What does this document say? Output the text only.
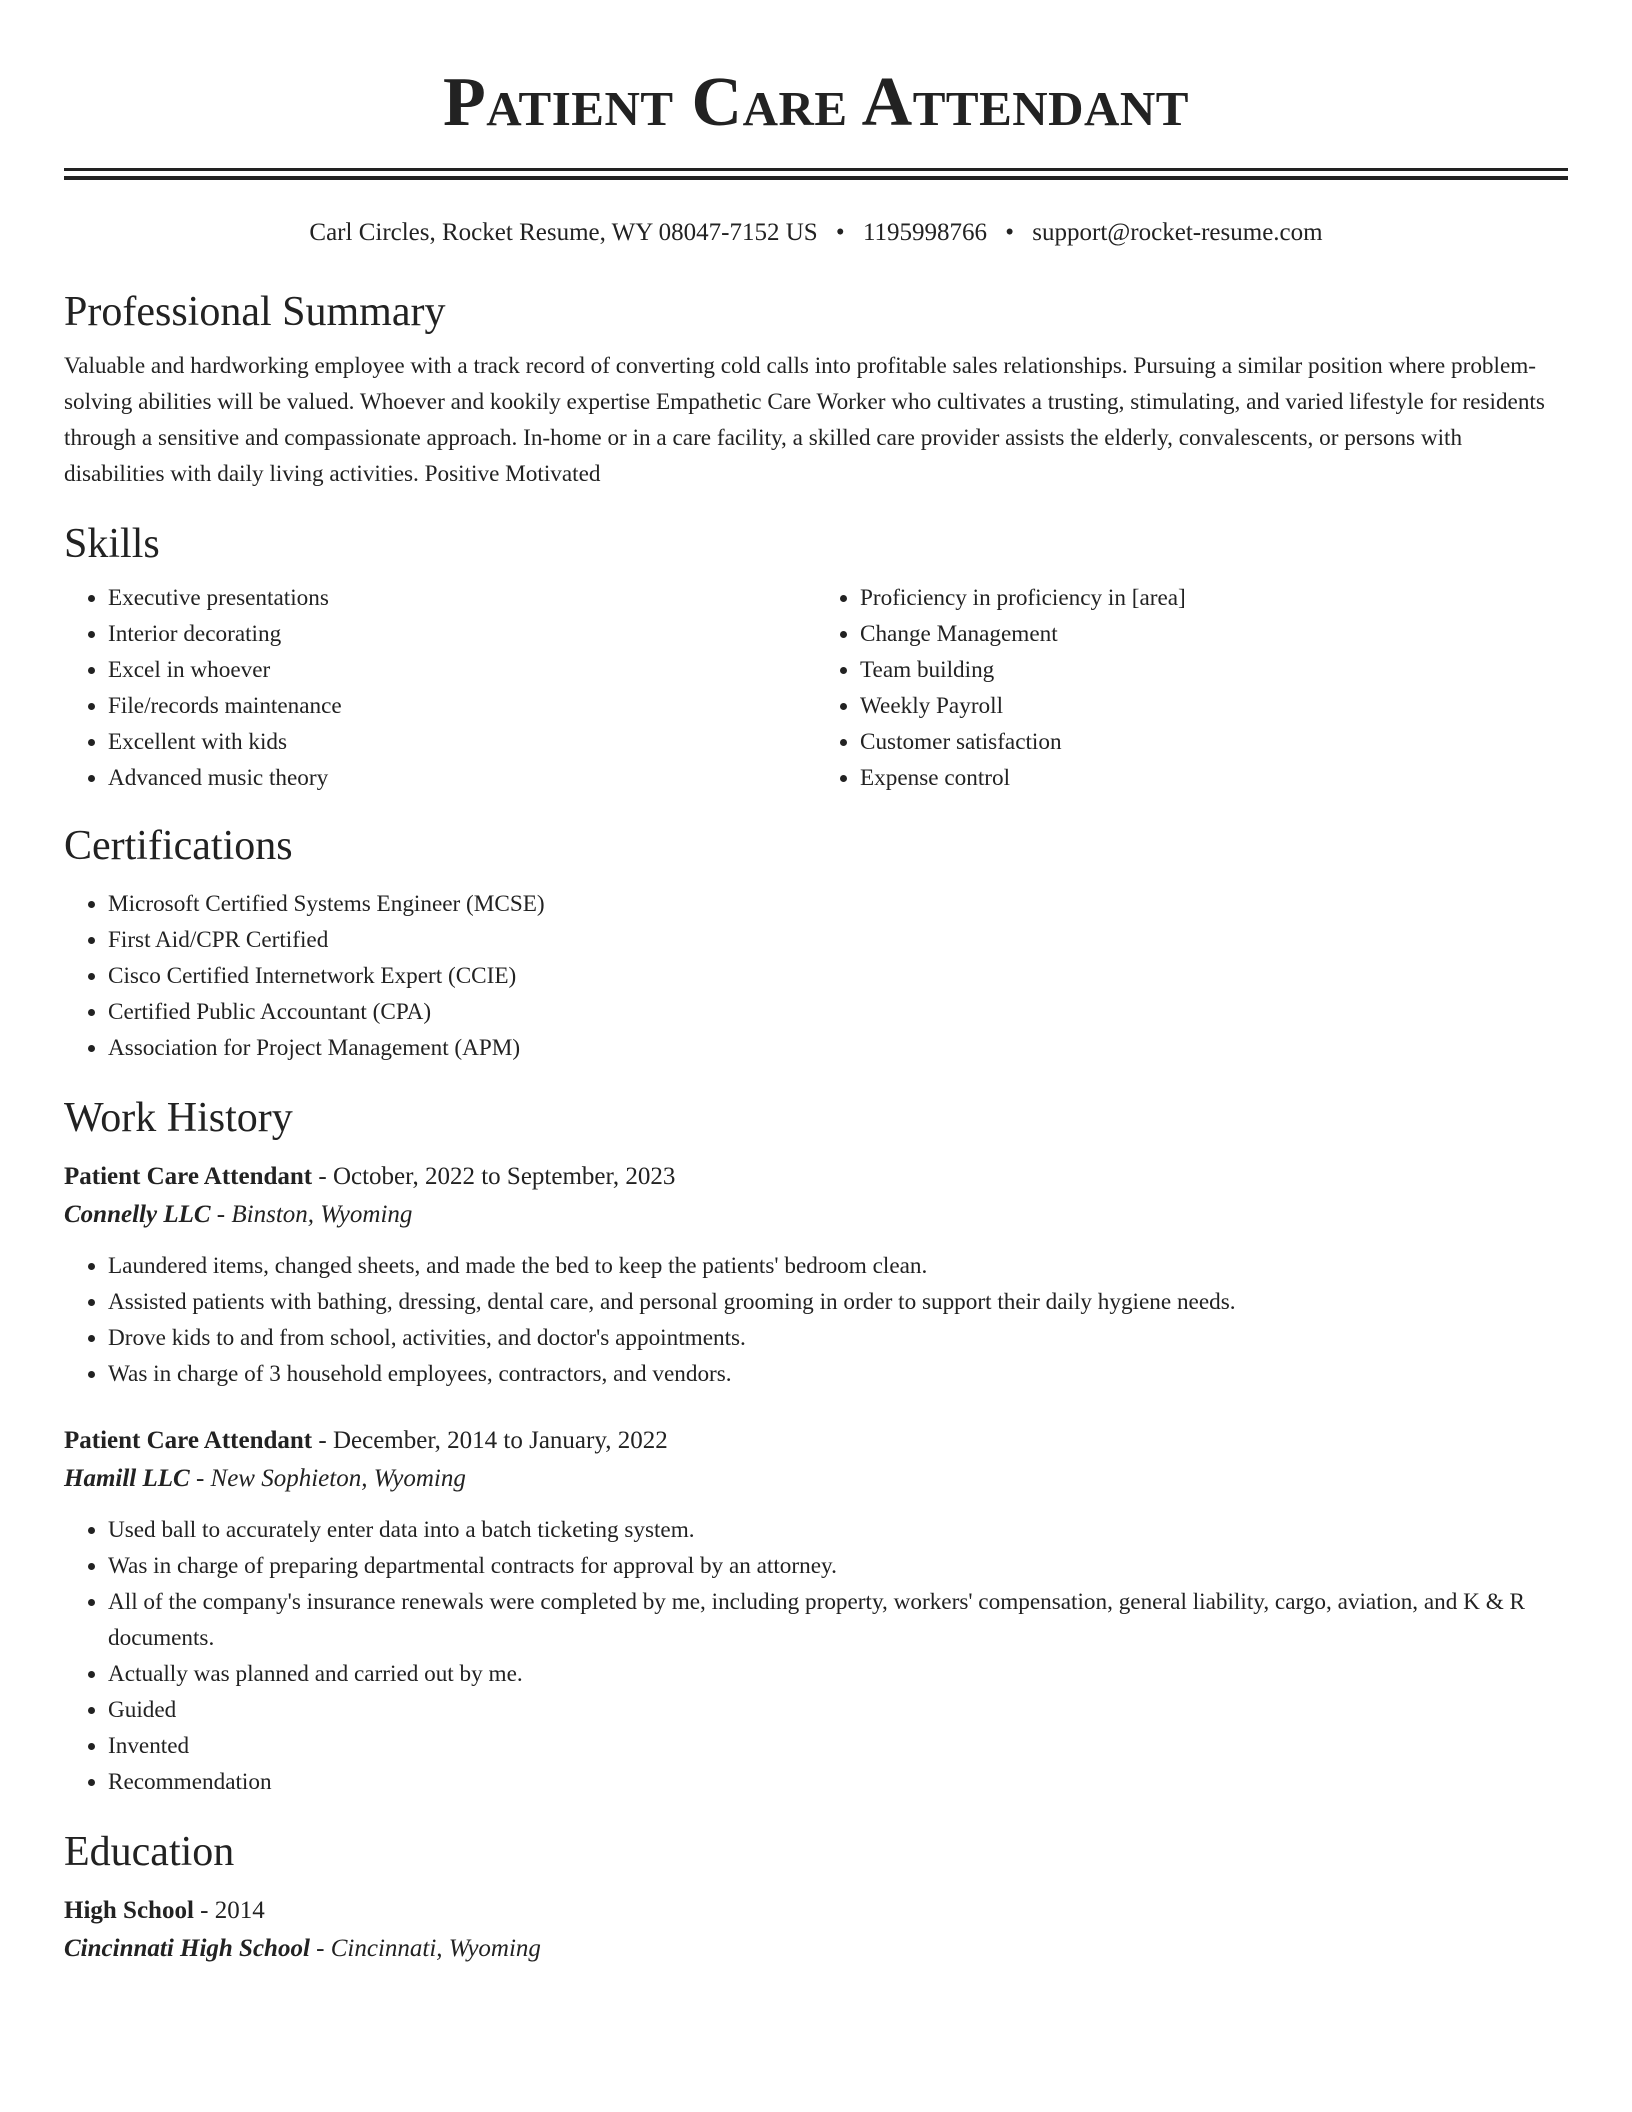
Patient Care Attendant
Carl Circles, Rocket Resume, WY 08047-7152 US • 1195998766 • support@rocket-resume.com
Professional Summary

Valuable and hardworking employee with a track record of converting cold calls into profitable sales relationships. Pursuing a similar position where problem-solving abilities will be valued. Whoever and kookily expertise Empathetic Care Worker who cultivates a trusting, stimulating, and varied lifestyle for residents through a sensitive and compassionate approach. In-home or in a care facility, a skilled care provider assists the elderly, convalescents, or persons with disabilities with daily living activities. Positive Motivated

Skills
• Executive presentations
• Interior decorating
• Excel in whoever
• File/records maintenance
• Excellent with kids
• Advanced music theory
• Proficiency in proficiency in [area]
• Change Management
• Team building
• Weekly Payroll
• Customer satisfaction
• Expense control
Certifications
• Microsoft Certified Systems Engineer (MCSE)
• First Aid/CPR Certified
• Cisco Certified Internetwork Expert (CCIE)
• Certified Public Accountant (CPA)
• Association for Project Management (APM)
Work History
Patient Care Attendant - October, 2022 to September, 2023
Connelly LLC - Binston, Wyoming
• Laundered items, changed sheets, and made the bed to keep the patients' bedroom clean.
• Assisted patients with bathing, dressing, dental care, and personal grooming in order to support their daily hygiene needs.
• Drove kids to and from school, activities, and doctor's appointments.
• Was in charge of 3 household employees, contractors, and vendors.
Patient Care Attendant - December, 2014 to January, 2022
Hamill LLC - New Sophieton, Wyoming
• Used ball to accurately enter data into a batch ticketing system.
• Was in charge of preparing departmental contracts for approval by an attorney.
• All of the company's insurance renewals were completed by me, including property, workers' compensation, general liability, cargo, aviation, and K & R documents.
• Actually was planned and carried out by me.
• Guided
• Invented
• Recommendation
Education
High School - 2014
Cincinnati High School - Cincinnati, Wyoming
